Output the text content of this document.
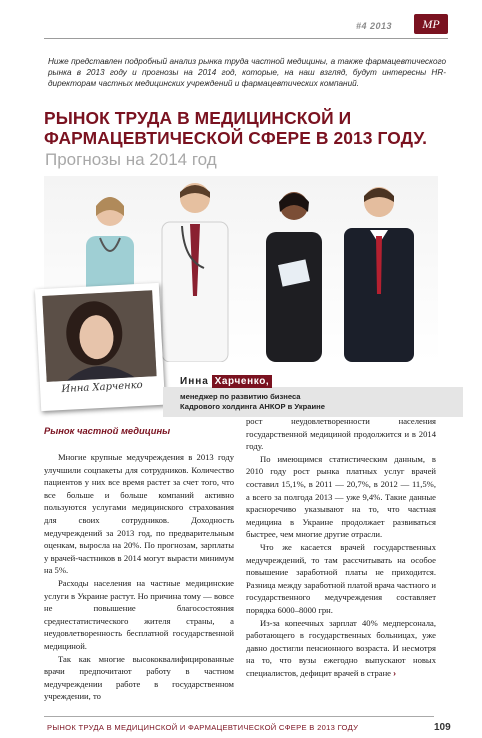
#4 2013	MP
Ниже представлен подробный анализ рынка труда частной медицины, а также фармацевтического рынка в 2013 году и прогнозы на 2014 год, которые, на наш взгляд, будут интересны HR-директорам частных медицинских учреждений и фармацевтических компаний.
РЫНОК ТРУДА В МЕДИЦИНСКОЙ И ФАРМАЦЕВТИЧЕСКОЙ СФЕРЕ В 2013 ГОДУ.
Прогнозы на 2014 год
Инна Харченко	Инна Харченко,
менеджер по развитию бизнеса
Кадрового холдинга АНКОР в Украине
Рынок частной медицины

Многие крупные медучреждения в 2013 году улучшили соцпакеты для сотрудников. Количество пациентов у них все время растет за счет того, что все больше и больше компаний активно пользуются услугами медицинского страхования для своих сотрудников. Доходность медучреждений за 2013 год, по предварительным оценкам, выросла на 20%. По прогнозам, зарплаты у врачей-частников в 2014 могут вырасти минимум на 5%.

Расходы населения на частные медицинские услуги в Украине растут. Но причина тому — вовсе не повышение благосостояния среднестатистического жителя страны, а неудовлетворенность бесплатной государственной медициной.

Так как многие высококвалифицированные врачи предпочитают работу в частном медучреждении работе в государственном учреждении, то

рост неудовлетворенности населения государственной медициной продолжится и в 2014 году.

По имеющимся статистическим данным, в 2010 году рост рынка платных услуг врачей составил 15,1%, в 2011 — 20,7%, в 2012 — 11,5%, а всего за полгода 2013 — уже 9,4%. Такие данные красноречиво указывают на то, что частная медицина в Украине продолжает развиваться быстрее, чем многие другие отрасли.

Что же касается врачей государственных медучреждений, то там рассчитывать на особое повышение заработной платы не приходится. Разница между заработной платой врача частного и государственного медучреждения составляет порядка 6000–8000 грн.

Из-за копеечных зарплат 40% медперсонала, работающего в государственных больницах, уже давно достигли пенсионного возраста. И несмотря на то, что вузы ежегодно выпускают новых специалистов, дефицит врачей в стране ›

РЫНОК ТРУДА В МЕДИЦИНСКОЙ И ФАРМАЦЕВТИЧЕСКОЙ СФЕРЕ В 2013 ГОДУ	109
